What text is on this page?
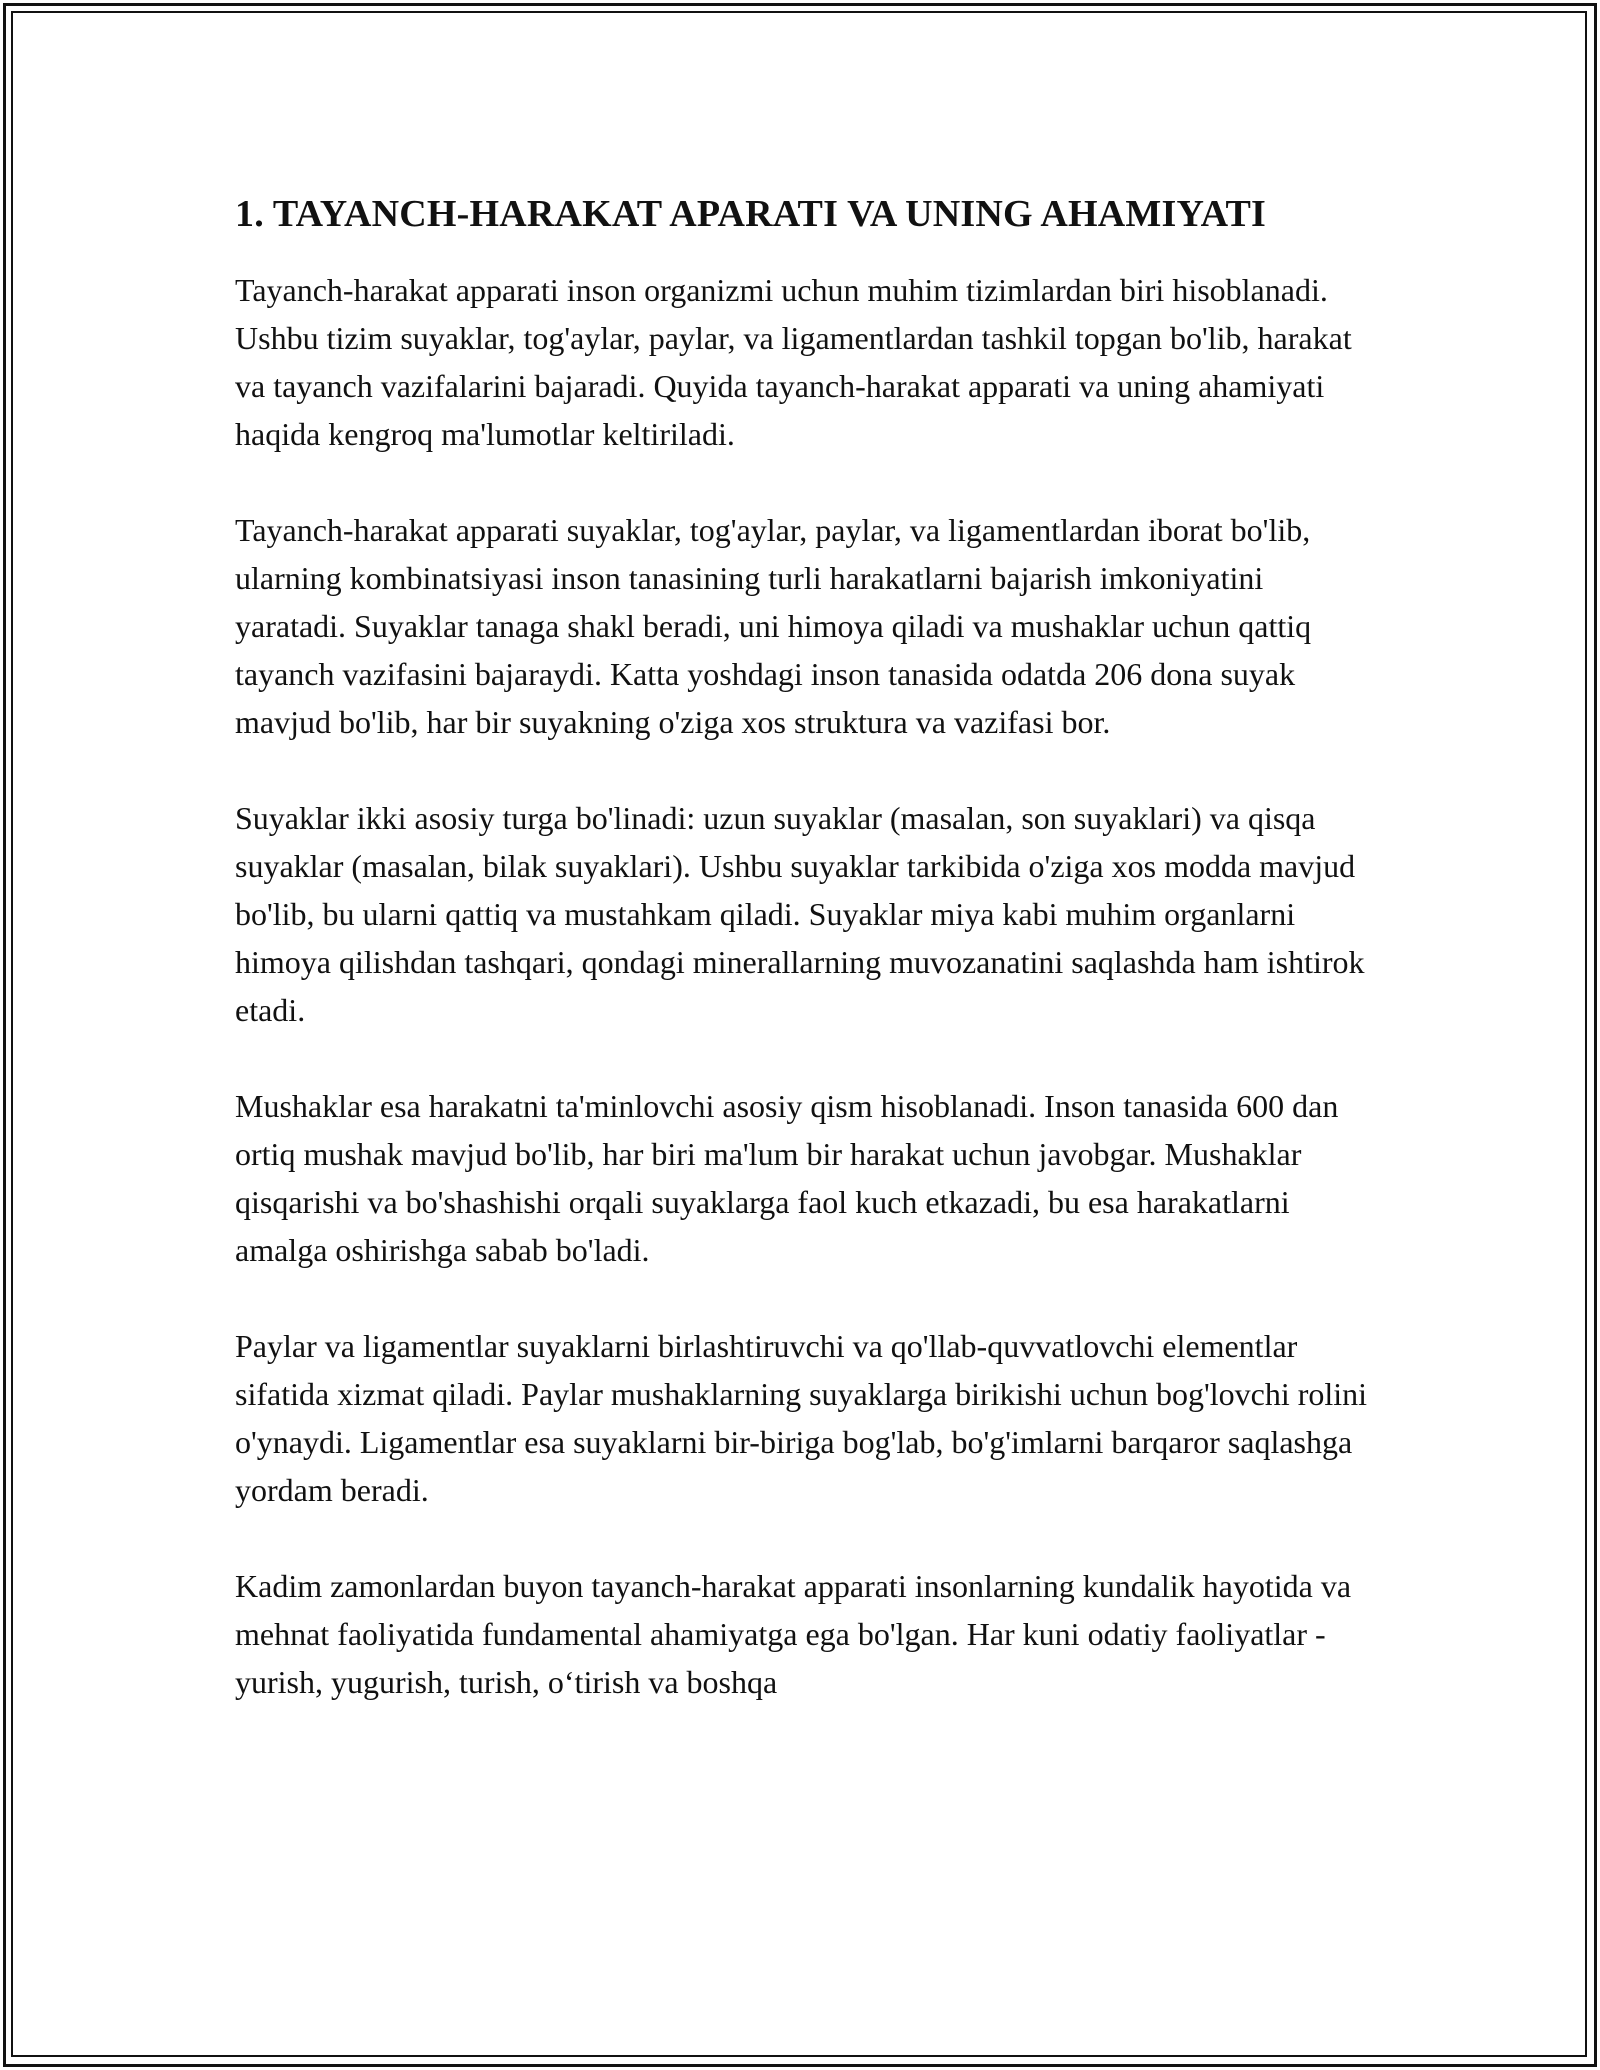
1. TAYANCH-HARAKAT APARATI VA UNING AHAMIYATI

Tayanch-harakat apparati inson organizmi uchun muhim tizimlardan biri hisoblanadi. Ushbu tizim suyaklar, tog'aylar, paylar, va ligamentlardan tashkil topgan bo'lib, harakat va tayanch vazifalarini bajaradi. Quyida tayanch-harakat apparati va uning ahamiyati haqida kengroq ma'lumotlar keltiriladi.

Tayanch-harakat apparati suyaklar, tog'aylar, paylar, va ligamentlardan iborat bo'lib, ularning kombinatsiyasi inson tanasining turli harakatlarni bajarish imkoniyatini yaratadi. Suyaklar tanaga shakl beradi, uni himoya qiladi va mushaklar uchun qattiq tayanch vazifasini bajaraydi. Katta yoshdagi inson tanasida odatda 206 dona suyak mavjud bo'lib, har bir suyakning o'ziga xos struktura va vazifasi bor.

Suyaklar ikki asosiy turga bo'linadi: uzun suyaklar (masalan, son suyaklari) va qisqa suyaklar (masalan, bilak suyaklari). Ushbu suyaklar tarkibida o'ziga xos modda mavjud bo'lib, bu ularni qattiq va mustahkam qiladi. Suyaklar miya kabi muhim organlarni himoya qilishdan tashqari, qondagi minerallarning muvozanatini saqlashda ham ishtirok etadi.

Mushaklar esa harakatni ta'minlovchi asosiy qism hisoblanadi. Inson tanasida 600 dan ortiq mushak mavjud bo'lib, har biri ma'lum bir harakat uchun javobgar. Mushaklar qisqarishi va bo'shashishi orqali suyaklarga faol kuch etkazadi, bu esa harakatlarni amalga oshirishga sabab bo'ladi.

Paylar va ligamentlar suyaklarni birlashtiruvchi va qo'llab-quvvatlovchi elementlar sifatida xizmat qiladi. Paylar mushaklarning suyaklarga birikishi uchun bog'lovchi rolini o'ynaydi. Ligamentlar esa suyaklarni bir-biriga bog'lab, bo'g'imlarni barqaror saqlashga yordam beradi.

Kadim zamonlardan buyon tayanch-harakat apparati insonlarning kundalik hayotida va mehnat faoliyatida fundamental ahamiyatga ega bo'lgan. Har kuni odatiy faoliyatlar - yurish, yugurish, turish, o‘tirish va boshqa
